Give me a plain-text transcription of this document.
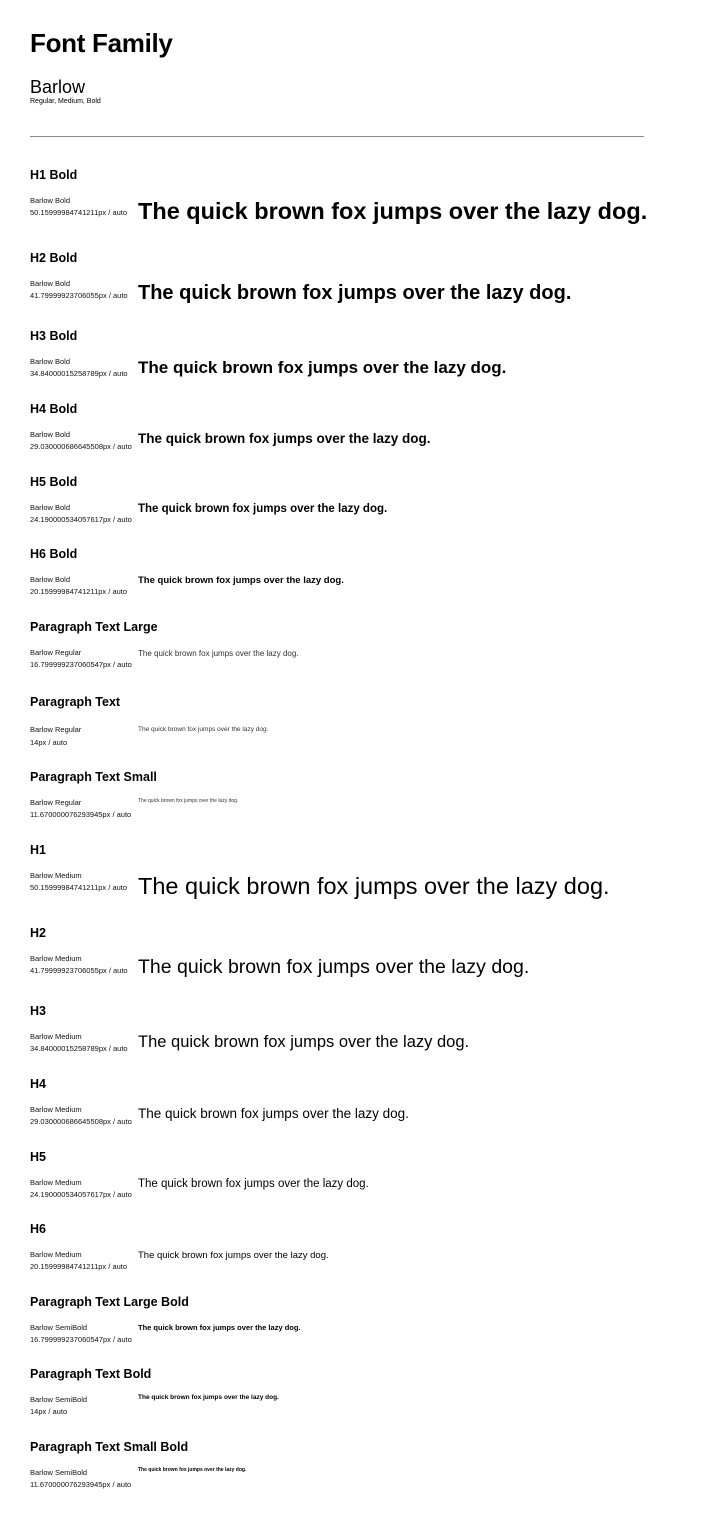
Font Family
Barlow
Regular, Medium, Bold
H1 Bold
Barlow Bold
50.15999984741211px / auto The quick brown fox jumps over the lazy dog.
H2 Bold
Barlow Bold
41.79999923706055px / auto The quick brown fox jumps over the lazy dog.
H3 Bold
Barlow Bold
34.84000015258789px / auto The quick brown fox jumps over the lazy dog.
H4 Bold
Barlow Bold
29.030000686645508px / auto
The quick brown fox jumps over the lazy dog.
H5 Bold
Barlow Bold
24.190000534057617px / auto
The quick brown fox jumps over the lazy dog.
H6 Bold
Barlow Bold
20.15999984741211px / auto
The quick brown fox jumps over the lazy dog.
Paragraph Text Large
Barlow Regular
16.799999237060547px / auto
The quick brown fox jumps over the lazy dog.
Paragraph Text
Barlow Regular
14px / auto
The quick brown fox jumps over the lazy dog.
Paragraph Text Small
Barlow Regular
11.670000076293945px / auto
The quick brown fox jumps over the lazy dog.
H1
Barlow Medium
50.15999984741211px / auto The quick brown fox jumps over the lazy dog.
H2
Barlow Medium
41.79999923706055px / auto The quick brown fox jumps over the lazy dog.
H3
Barlow Medium
34.84000015258789px / auto The quick brown fox jumps over the lazy dog.
H4
Barlow Medium
29.030000686645508px / auto
The quick brown fox jumps over the lazy dog.
H5
Barlow Medium
24.190000534057617px / auto
The quick brown fox jumps over the lazy dog.
H6
Barlow Medium
20.15999984741211px / auto
The quick brown fox jumps over the lazy dog.
Paragraph Text Large Bold
Barlow SemiBold
16.799999237060547px / auto
The quick brown fox jumps over the lazy dog.
Paragraph Text Bold
Barlow SemiBold
14px / auto
The quick brown fox jumps over the lazy dog.
Paragraph Text Small Bold
Barlow SemiBold
11.670000076293945px / auto
The quick brown fox jumps over the lazy dog.
